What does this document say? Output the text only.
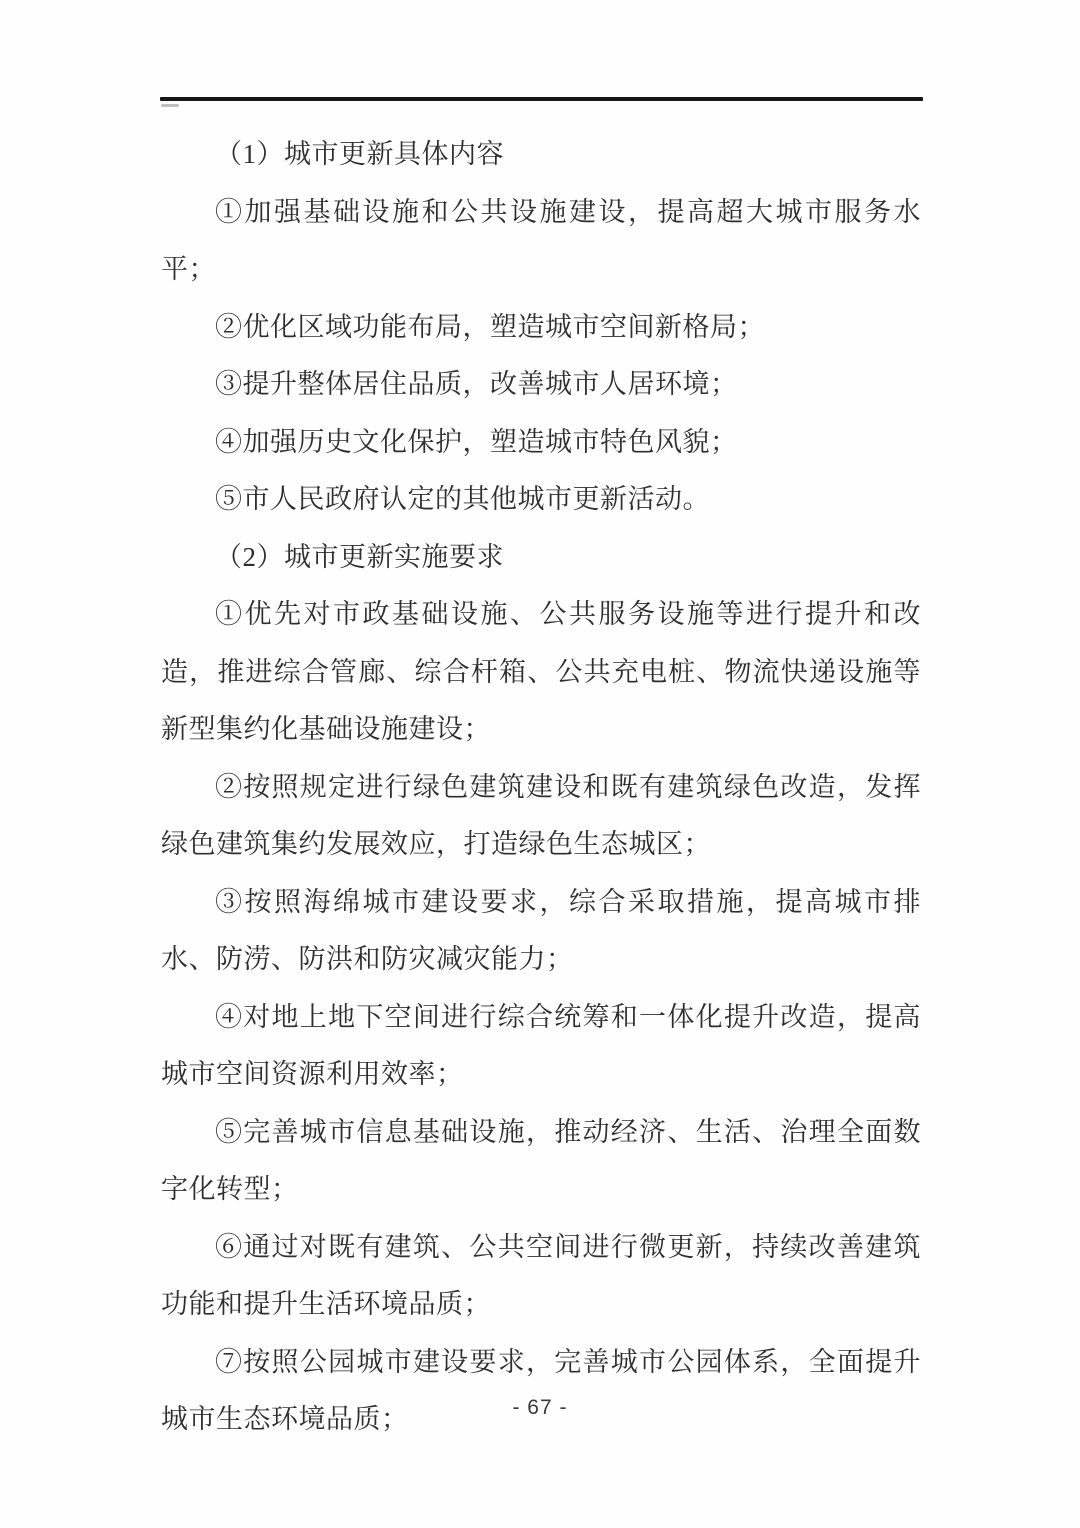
（1）城市更新具体内容

①加强基础设施和公共设施建设，提高超大城市服务水平；

②优化区域功能布局，塑造城市空间新格局；

③提升整体居住品质，改善城市人居环境；

④加强历史文化保护，塑造城市特色风貌；

⑤市人民政府认定的其他城市更新活动。

（2）城市更新实施要求

①优先对市政基础设施、公共服务设施等进行提升和改造，推进综合管廊、综合杆箱、公共充电桩、物流快递设施等新型集约化基础设施建设；

②按照规定进行绿色建筑建设和既有建筑绿色改造，发挥绿色建筑集约发展效应，打造绿色生态城区；

③按照海绵城市建设要求，综合采取措施，提高城市排水、防涝、防洪和防灾减灾能力；

④对地上地下空间进行综合统筹和一体化提升改造，提高城市空间资源利用效率；

⑤完善城市信息基础设施，推动经济、生活、治理全面数字化转型；

⑥通过对既有建筑、公共空间进行微更新，持续改善建筑功能和提升生活环境品质；

⑦按照公园城市建设要求，完善城市公园体系，全面提升城市生态环境品质；	- 67 -
